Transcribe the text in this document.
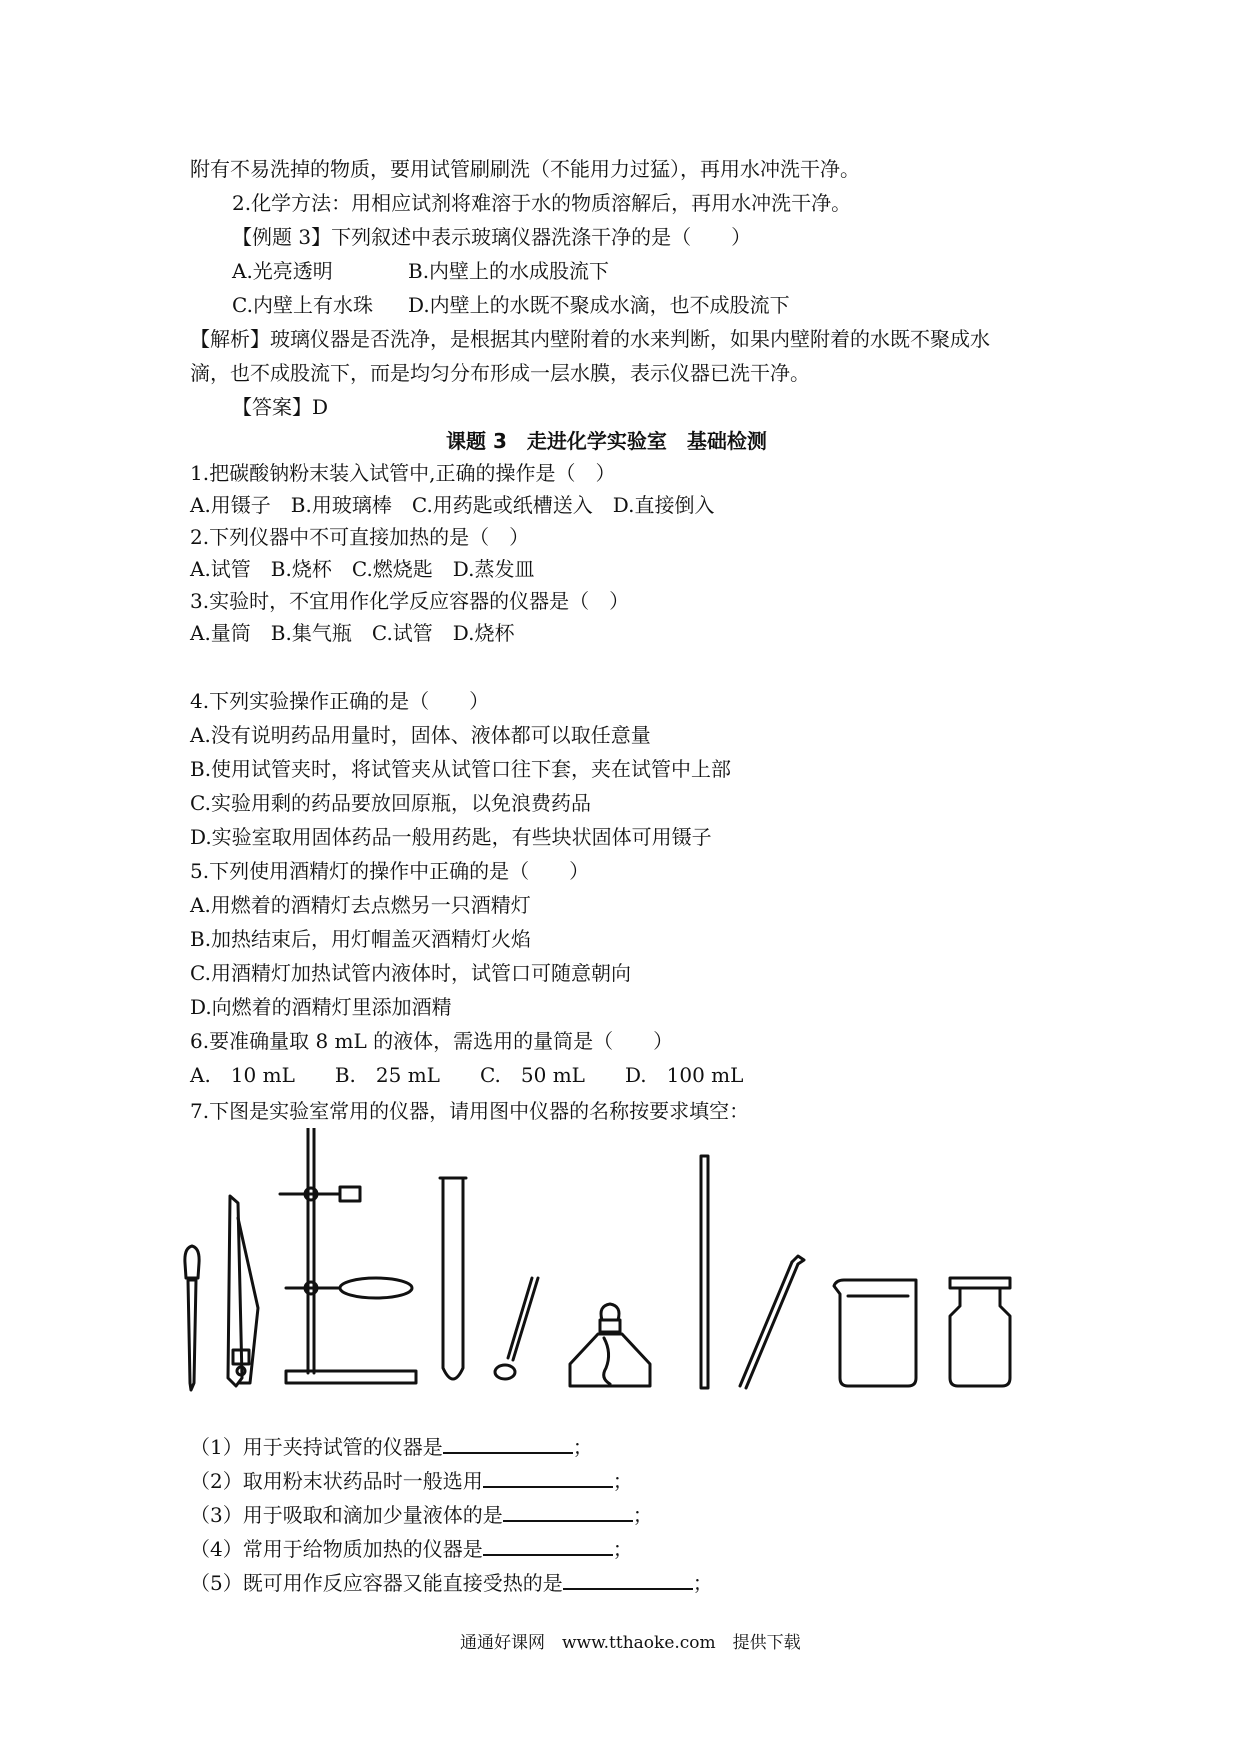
附有不易洗掉的物质，要用试管刷刷洗（不能用力过猛），再用水冲洗干净。
2.化学方法：用相应试剂将难溶于水的物质溶解后，再用水冲洗干净。
【例题 3】下列叙述中表示玻璃仪器洗涤干净的是（　　）
A.光亮透明	B.内壁上的水成股流下
C.内壁上有水珠 D.内壁上的水既不聚成水滴，也不成股流下
【解析】玻璃仪器是否洗净，是根据其内壁附着的水来判断，如果内壁附着的水既不聚成水
滴，也不成股流下，而是均匀分布形成一层水膜，表示仪器已洗干净。
【答案】D
课题 3　走进化学实验室　基础检测
1.把碳酸钠粉末装入试管中,正确的操作是（　）
A.用镊子　B.用玻璃棒　C.用药匙或纸槽送入　D.直接倒入
2.下列仪器中不可直接加热的是（　）
A.试管　B.烧杯　C.燃烧匙　D.蒸发皿
3.实验时，不宜用作化学反应容器的仪器是（　）
A.量筒　B.集气瓶　C.试管　D.烧杯
4.下列实验操作正确的是（　　）
A.没有说明药品用量时，固体、液体都可以取任意量
B.使用试管夹时，将试管夹从试管口往下套，夹在试管中上部
C.实验用剩的药品要放回原瓶，以免浪费药品
D.实验室取用固体药品一般用药匙，有些块状固体可用镊子
5.下列使用酒精灯的操作中正确的是（　　）
A.用燃着的酒精灯去点燃另一只酒精灯
B.加热结束后，用灯帽盖灭酒精灯火焰
C.用酒精灯加热试管内液体时，试管口可随意朝向
D.向燃着的酒精灯里添加酒精
6.要准确量取 8 mL 的液体，需选用的量筒是（　　）
A.　10 mL　　B.　25 mL　　C.　50 mL　　D.　100 mL
7.下图是实验室常用的仪器，请用图中仪器的名称按要求填空：
（1）用于夹持试管的仪器是	；
（2）取用粉末状药品时一般选用	；
（3）用于吸取和滴加少量液体的是	；
（4）常用于给物质加热的仪器是	；
（5）既可用作反应容器又能直接受热的是	；
通通好课网　www.tthaoke.com　提供下载
